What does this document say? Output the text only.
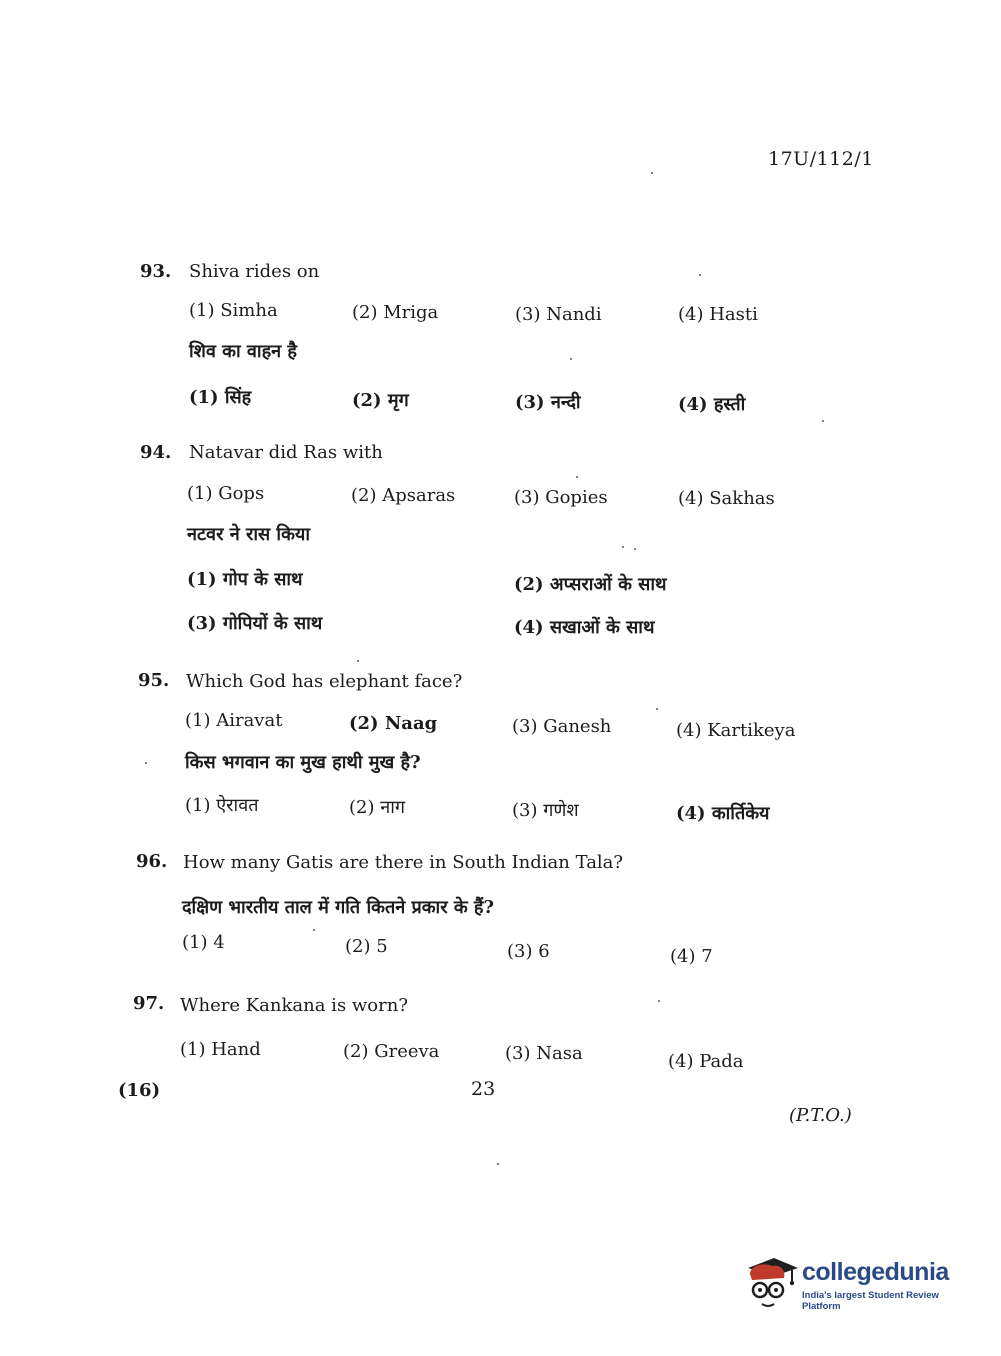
17U/112/1
93. Shiva rides on
(1) Simha	(2) Mriga	(3) Nandi	(4) Hasti
शिव का वाहन है
(1) सिंह	(2) मृग	(3) नन्दी	(4) हस्ती
94. Natavar did Ras with
(1) Gops	(2) Apsaras	(3) Gopies	(4) Sakhas
नटवर ने रास किया
(1) गोप के साथ	(2) अप्सराओं के साथ
(3) गोपियों के साथ	(4) सखाओं के साथ
95. Which God has elephant face?
(1) Airavat	(2) Naag	(3) Ganesh	(4) Kartikeya
किस भगवान का मुख हाथी मुख है?
(1) ऐरावत	(2) नाग	(3) गणेश	(4) कार्तिकेय
96. How many Gatis are there in South Indian Tala?
दक्षिण भारतीय ताल में गति कितने प्रकार के हैं?
(1) 4	(2) 5	(3) 6	(4) 7
97. Where Kankana is worn?
(1) Hand	(2) Greeva	(3) Nasa	(4) Pada
(16)	23
(P.T.O.)
collegedunia
India's largest Student Review Platform
